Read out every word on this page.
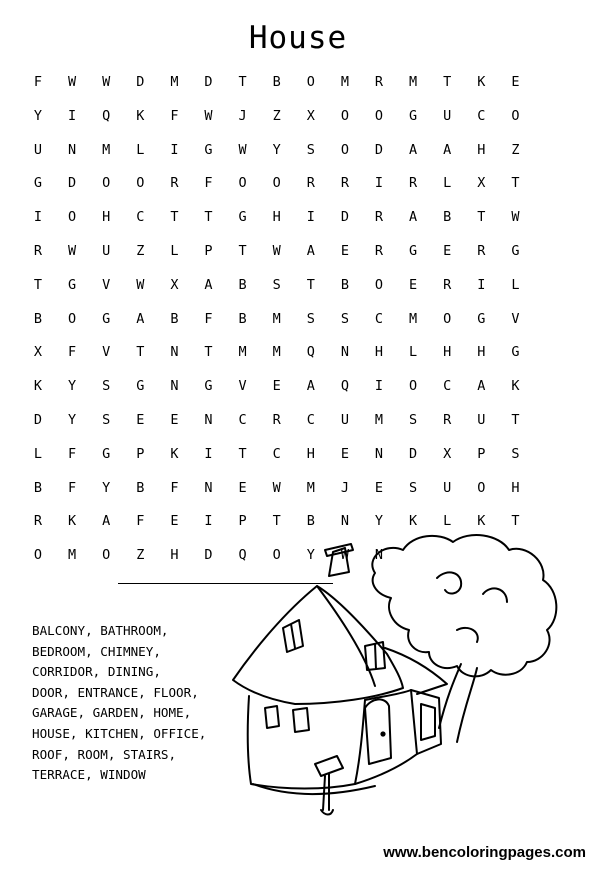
House
F	W	W	D	M	D	T	B	O	M	R	M	T	K	E
Y	I	Q	K	F	W	J	Z	X	O	O	G	U	C	O
U	N	M	L	I	G	W	Y	S	O	D	A	A	H	Z
G	D	O	O	R	F	O	O	R	R	I	R	L	X	T
I	O	H	C	T	T	G	H	I	D	R	A	B	T	W
R	W	U	Z	L	P	T	W	A	E	R	G	E	R	G
T	G	V	W	X	A	B	S	T	B	O	E	R	I	L
B	O	G	A	B	F	B	M	S	S	C	M	O	G	V
X	F	V	T	N	T	M	M	Q	N	H	L	H	H	G
K	Y	S	G	N	G	V	E	A	Q	I	O	C	A	K
D	Y	S	E	E	N	C	R	C	U	M	S	R	U	T
L	F	G	P	K	I	T	C	H	E	N	D	X	P	S
B	F	Y	B	F	N	E	W	M	J	E	S	U	O	H
R	K	A	F	E	I	P	T	B	N	Y	K	L	K	T
O	M	O	Z	H	D	Q	O	Y	W	N
BALCONY, BATHROOM,
BEDROOM, CHIMNEY,
CORRIDOR, DINING,
DOOR, ENTRANCE, FLOOR,
GARAGE, GARDEN, HOME,
HOUSE, KITCHEN, OFFICE,
ROOF, ROOM, STAIRS,
TERRACE, WINDOW
www.bencoloringpages.com
